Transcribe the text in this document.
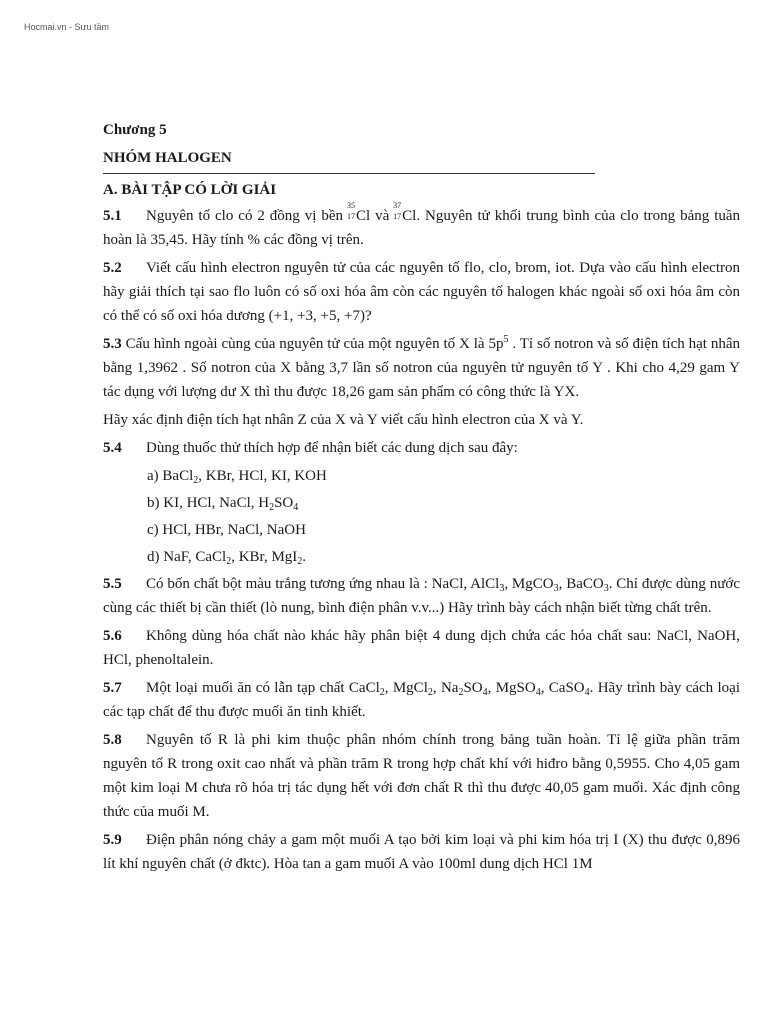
Hocmai.vn - Sưu tầm
Chương 5
NHÓM HALOGEN
A. BÀI TẬP CÓ LỜI GIẢI
5.1 Nguyên tố clo có 2 đồng vị bền
35
17 Cl và
37
17 Cl. Nguyên tử khối trung bình của clo trong bảng tuần hoàn là 35,45. Hãy tính % các đồng vị trên.
5.2 Viết cấu hình electron nguyên tử của các nguyên tố flo, clo, brom, iot. Dựa vào cấu hình electron hãy giải thích tại sao flo luôn có số oxi hóa âm còn các nguyên tố halogen khác ngoài số oxi hóa âm còn có thể có số oxi hóa dương (+1, +3, +5, +7)?
5.3 Cấu hình ngoài cùng của nguyên tử của một nguyên tố X là $5p^5$ . Tỉ số notron và số điện tích hạt nhân bằng 1,3962 . Số notron của X bằng 3,7 lần số notron của nguyên tử nguyên tố Y . Khi cho 4,29 gam Y tác dụng với lượng dư X thì thu được 18,26 gam sản phẩm có công thức là YX.
Hãy xác định điện tích hạt nhân Z của X và Y viết cấu hình electron của X và Y.
5.4 Dùng thuốc thử thích hợp để nhận biết các dung dịch sau đây:
a) BaCl$_2$, KBr, HCl, KI, KOH
b) KI, HCl, NaCl, $H_2SO_4$
c) HCl, HBr, NaCl, NaOH
d) NaF, CaCl$_2$, KBr, MgI$_2$.
5.5 Có bốn chất bột màu trắng tương ứng nhau là : NaCl, AlCl$_3$, MgCO$_3$, BaCO$_3$. Chỉ được dùng nước cùng các thiết bị cần thiết (lò nung, bình điện phân v.v...) Hãy trình bày cách nhận biết từng chất trên.
5.6 Không dùng hóa chất nào khác hãy phân biệt 4 dung dịch chứa các hóa chất sau: NaCl, NaOH, HCl, phenoltalein.
5.7 Một loại muối ăn có lẫn tạp chất CaCl$_2$, MgCl$_2$, $Na_2SO_4$, MgSO$_4$, CaSO$_4$. Hãy trình bày cách loại các tạp chất để thu được muối ăn tinh khiết.
5.8 Nguyên tố R là phi kim thuộc phân nhóm chính trong bảng tuần hoàn. Tỉ lệ giữa phần trăm nguyên tố R trong oxit cao nhất và phần trăm R trong hợp chất khí với hiđro bằng 0,5955. Cho 4,05 gam một kim loại M chưa rõ hóa trị tác dụng hết với đơn chất R thì thu được 40,05 gam muối. Xác định công thức của muối M.
5.9 Điện phân nóng chảy a gam một muối A tạo bởi kim loại và phi kim hóa trị I (X) thu được 0,896 lít khí nguyên chất (ở đktc). Hòa tan a gam muối A vào 100ml dung dịch HCl 1M
